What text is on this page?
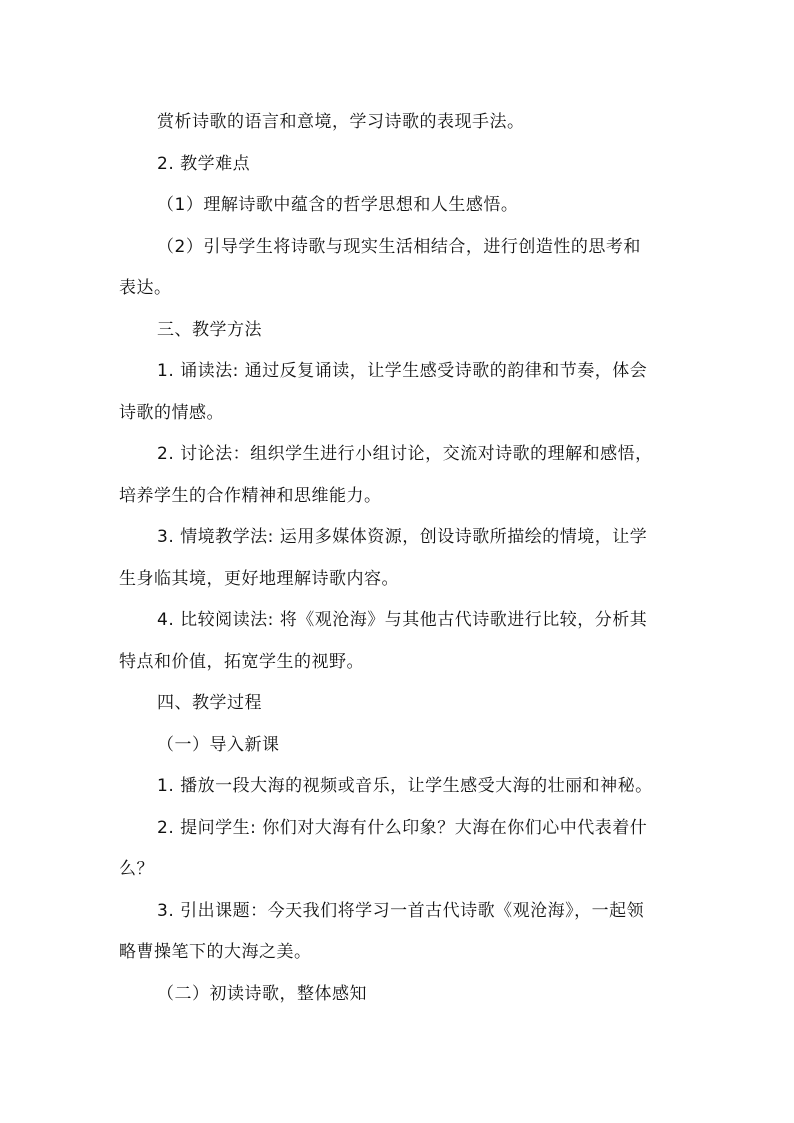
赏析诗歌的语言和意境，学习诗歌的表现手法。
2. 教学难点
（1）理解诗歌中蕴含的哲学思想和人生感悟。
（2）引导学生将诗歌与现实生活相结合，进行创造性的思考和
表达。
三、教学方法
1. 诵读法: 通过反复诵读，让学生感受诗歌的韵律和节奏，体会
诗歌的情感。
2. 讨论法：组织学生进行小组讨论，交流对诗歌的理解和感悟，
培养学生的合作精神和思维能力。
3. 情境教学法: 运用多媒体资源，创设诗歌所描绘的情境，让学
生身临其境，更好地理解诗歌内容。
4. 比较阅读法: 将《观沧海》与其他古代诗歌进行比较，分析其
特点和价值，拓宽学生的视野。
四、教学过程
（一）导入新课
1. 播放一段大海的视频或音乐，让学生感受大海的壮丽和神秘。
2. 提问学生: 你们对大海有什么印象？大海在你们心中代表着什
么？
3. 引出课题：今天我们将学习一首古代诗歌《观沧海》，一起领
略曹操笔下的大海之美。
（二）初读诗歌，整体感知
